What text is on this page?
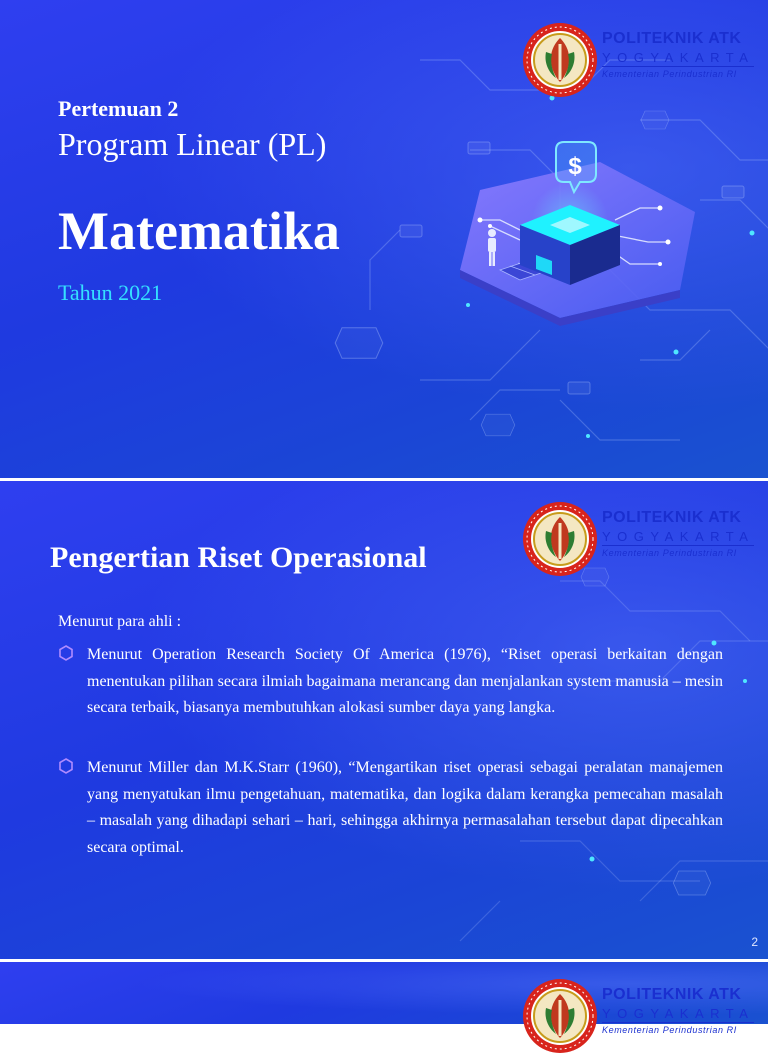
POLITEKNIK ATK
YOGYAKARTA
Kementerian Perindustrian RI
Pertemuan 2
Program Linear (PL)
Matematika
Tahun 2021
$
POLITEKNIK ATK
YOGYAKARTA
Kementerian Perindustrian RI
Pengertian Riset Operasional
Menurut para ahli :
Menurut Operation Research Society Of America (1976), “Riset operasi berkaitan dengan menentukan pilihan secara ilmiah bagaimana merancang dan menjalankan system manusia – mesin secara terbaik, biasanya membutuhkan alokasi sumber daya yang langka.
Menurut Miller dan M.K.Starr (1960), “Mengartikan riset operasi sebagai peralatan manajemen yang menyatukan ilmu pengetahuan, matematika, dan logika dalam kerangka pemecahan masalah – masalah yang dihadapi sehari – hari, sehingga akhirnya permasalahan tersebut dapat dipecahkan secara optimal.
2
POLITEKNIK ATK
YOGYAKARTA
Kementerian Perindustrian RI
